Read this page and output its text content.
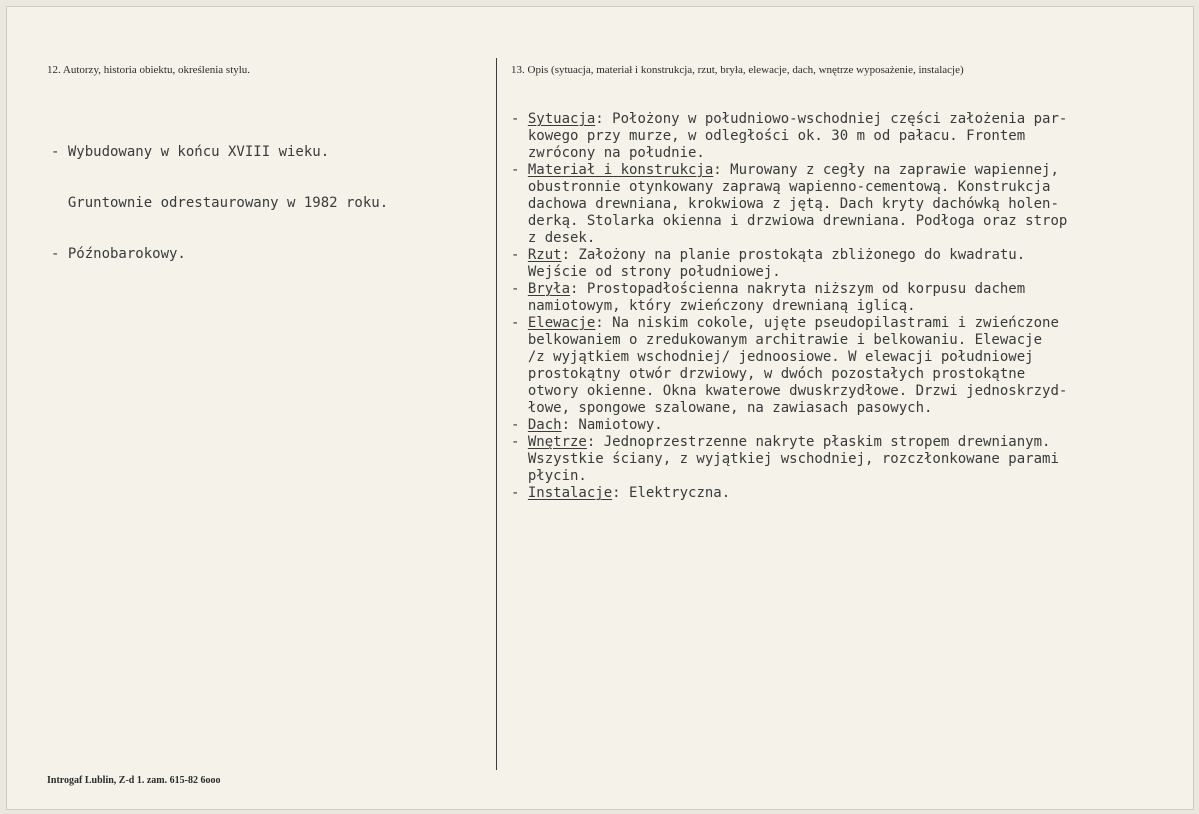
12. Autorzy, historia obiektu, określenia stylu.	13. Opis (sytuacja, materiał i konstrukcja, rzut, bryła, elewacje, dach, wnętrze wyposażenie, instalacje)

- Wybudowany w końcu XVIII wieku.

Gruntownie odrestaurowany w 1982 roku.

- Późnobarokowy.

- Sytuacja: Położony w południowo-wschodniej części założenia par-
kowego przy murze, w odległości ok. 30 m od pałacu. Frontem
zwrócony na południe.
- Materiał i konstrukcja: Murowany z cegły na zaprawie wapiennej,
obustronnie otynkowany zaprawą wapienno-cementową. Konstrukcja
dachowa drewniana, krokwiowa z jętą. Dach kryty dachówką holen-
derką. Stolarka okienna i drzwiowa drewniana. Podłoga oraz strop
z desek.
- Rzut: Założony na planie prostokąta zbliżonego do kwadratu.
Wejście od strony południowej.
- Bryła: Prostopadłościenna nakryta niższym od korpusu dachem
namiotowym, który zwieńczony drewnianą iglicą.
- Elewacje: Na niskim cokole, ujęte pseudopilastrami i zwieńczone
belkowaniem o zredukowanym architrawie i belkowaniu. Elewacje
/z wyjątkiem wschodniej/ jednoosiowe. W elewacji południowej
prostokątny otwór drzwiowy, w dwóch pozostałych prostokątne
otwory okienne. Okna kwaterowe dwuskrzydłowe. Drzwi jednoskrzyd-
łowe, spongowe szalowane, na zawiasach pasowych.
- Dach: Namiotowy.
- Wnętrze: Jednoprzestrzenne nakryte płaskim stropem drewnianym.
Wszystkie ściany, z wyjątkiej wschodniej, rozczłonkowane parami
płycin.
- Instalacje: Elektryczna.
Introgaf Lublin, Z-d 1. zam. 615-82 6ooo
